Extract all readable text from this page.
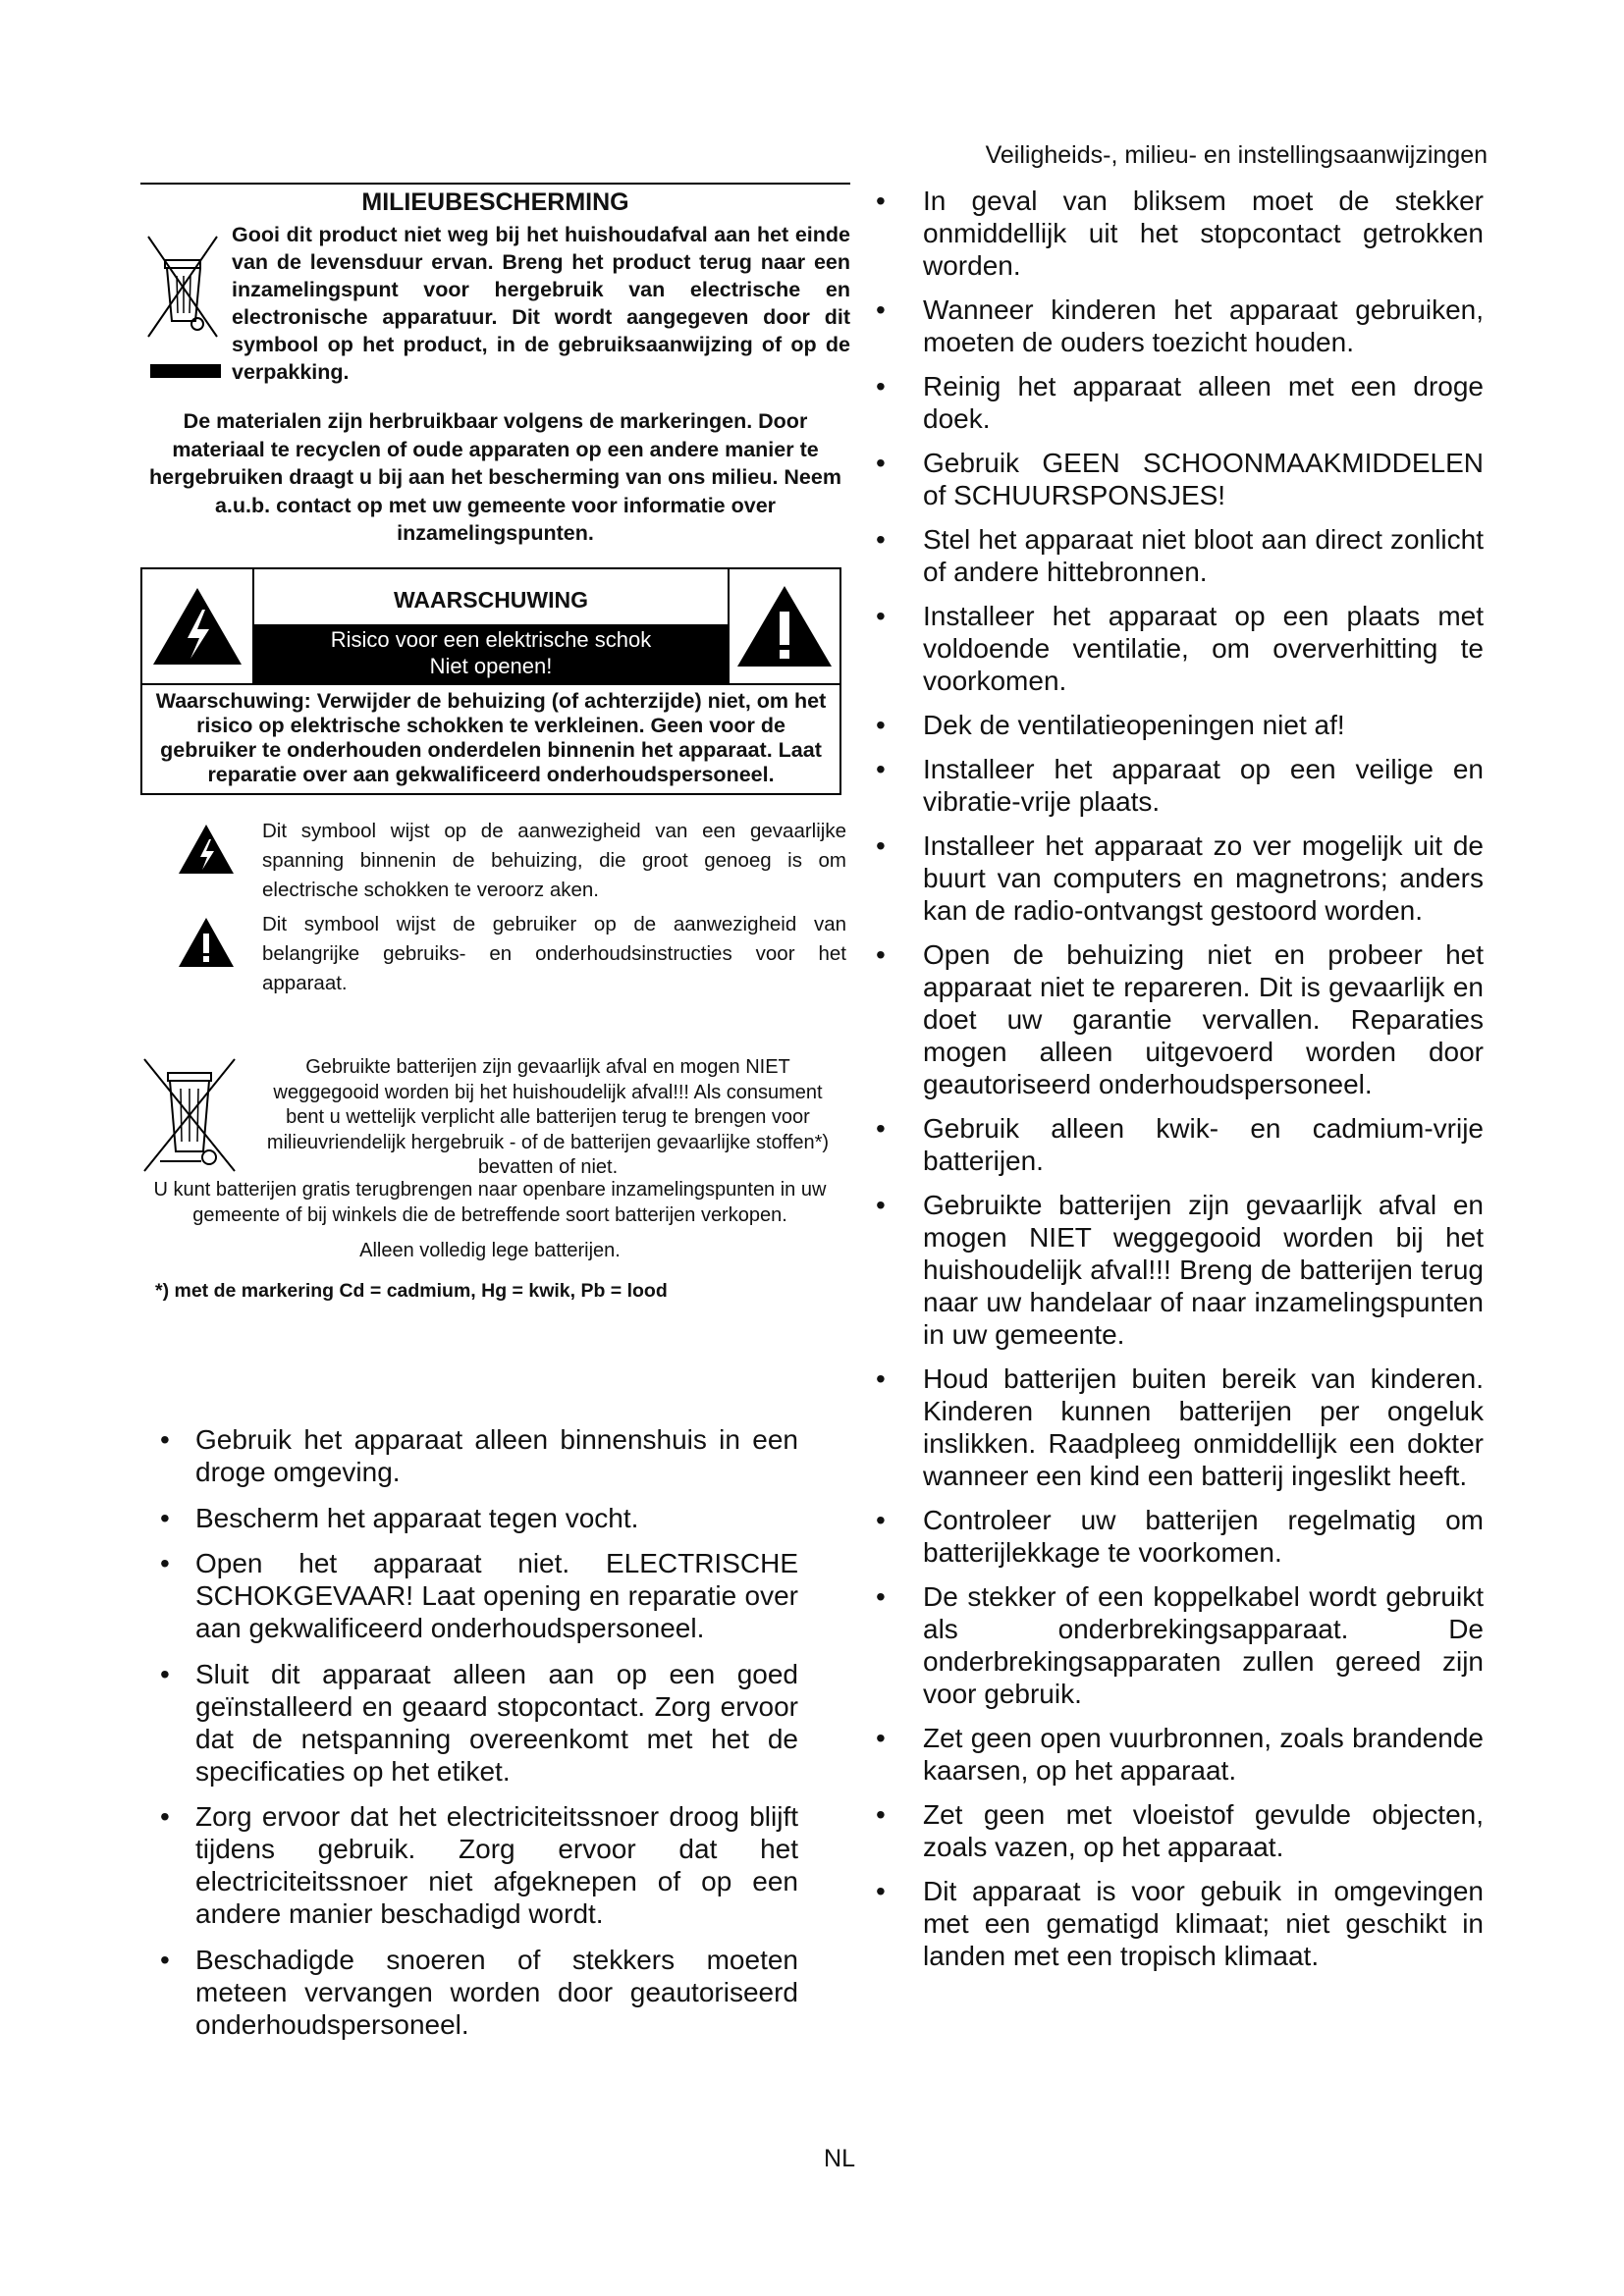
Veiligheids-, milieu- en instellingsaanwijzingen
MILIEUBESCHERMING
Gooi dit product niet weg bij het huishoudafval aan het einde van de levensduur ervan. Breng het product terug naar een inzamelingspunt voor hergebruik van electrische en electronische apparatuur. Dit wordt aangegeven door dit symbool op het product, in de gebruiksaanwijzing of op de verpakking.
De materialen zijn herbruikbaar volgens de markeringen. Door materiaal te recyclen of oude apparaten op een andere manier te hergebruiken draagt u bij aan het bescherming van ons milieu. Neem a.u.b. contact op met uw gemeente voor informatie over inzamelingspunten.
WAARSCHUWING
Risico voor een elektrische schok
Niet openen!
Waarschuwing: Verwijder de behuizing (of achterzijde) niet, om het risico op elektrische schokken te verkleinen. Geen voor de gebruiker te onderhouden onderdelen binnenin het apparaat. Laat reparatie over aan gekwalificeerd onderhoudspersoneel.
Dit symbool wijst op de aanwezigheid van een gevaarlijke spanning binnenin de behuizing, die groot genoeg is om electrische schokken te veroorz aken.
Dit symbool wijst de gebruiker op de aanwezigheid van belangrijke gebruiks- en onderhoudsinstructies voor het apparaat.
Gebruikte batterijen zijn gevaarlijk afval en mogen NIET weggegooid worden bij het huishoudelijk afval!!! Als consument bent u wettelijk verplicht alle batterijen terug te brengen voor milieuvriendelijk hergebruik - of de batterijen gevaarlijke stoffen*) bevatten of niet.
U kunt batterijen gratis terugbrengen naar openbare inzamelingspunten in uw gemeente of bij winkels die de betreffende soort batterijen verkopen.
Alleen volledig lege batterijen.
*) met de markering Cd = cadmium, Hg = kwik, Pb = lood
• Gebruik het apparaat alleen binnenshuis in een droge omgeving.
• Bescherm het apparaat tegen vocht.
• Open het apparaat niet. ELECTRISCHE SCHOKGEVAAR! Laat opening en reparatie over aan gekwalificeerd onderhoudspersoneel.
• Sluit dit apparaat alleen aan op een goed geïnstalleerd en geaard stopcontact. Zorg ervoor dat de netspanning overeenkomt met het de specificaties op het etiket.
• Zorg ervoor dat het electriciteitssnoer droog blijft tijdens gebruik. Zorg ervoor dat het electriciteitssnoer niet afgeknepen of op een andere manier beschadigd wordt.
• Beschadigde snoeren of stekkers moeten meteen vervangen worden door geautoriseerd onderhoudspersoneel.
• In geval van bliksem moet de stekker onmiddellijk uit het stopcontact getrokken worden.
• Wanneer kinderen het apparaat gebruiken, moeten de ouders toezicht houden.
• Reinig het apparaat alleen met een droge doek.
• Gebruik GEEN SCHOONMAAKMIDDELEN of SCHUURSPONSJES!
• Stel het apparaat niet bloot aan direct zonlicht of andere hittebronnen.
• Installeer het apparaat op een plaats met voldoende ventilatie, om oververhitting te voorkomen.
• Dek de ventilatieopeningen niet af!
• Installeer het apparaat op een veilige en vibratie-vrije plaats.
• Installeer het apparaat zo ver mogelijk uit de buurt van computers en magnetrons; anders kan de radio-ontvangst gestoord worden.
• Open de behuizing niet en probeer het apparaat niet te repareren. Dit is gevaarlijk en doet uw garantie vervallen. Reparaties mogen alleen uitgevoerd worden door geautoriseerd onderhoudspersoneel.
• Gebruik alleen kwik- en cadmium-vrije batterijen.
• Gebruikte batterijen zijn gevaarlijk afval en mogen NIET weggegooid worden bij het huishoudelijk afval!!! Breng de batterijen terug naar uw handelaar of naar inzamelingspunten in uw gemeente.
• Houd batterijen buiten bereik van kinderen. Kinderen kunnen batterijen per ongeluk inslikken. Raadpleeg onmiddellijk een dokter wanneer een kind een batterij ingeslikt heeft.
• Controleer uw batterijen regelmatig om batterijlekkage te voorkomen.
• De stekker of een koppelkabel wordt gebruikt als onderbrekingsapparaat. De onderbrekingsapparaten zullen gereed zijn voor gebruik.
• Zet geen open vuurbronnen, zoals brandende kaarsen, op het apparaat.
• Zet geen met vloeistof gevulde objecten, zoals vazen, op het apparaat.
• Dit apparaat is voor gebuik in omgevingen met een gematigd klimaat; niet geschikt in landen met een tropisch klimaat.
NL
